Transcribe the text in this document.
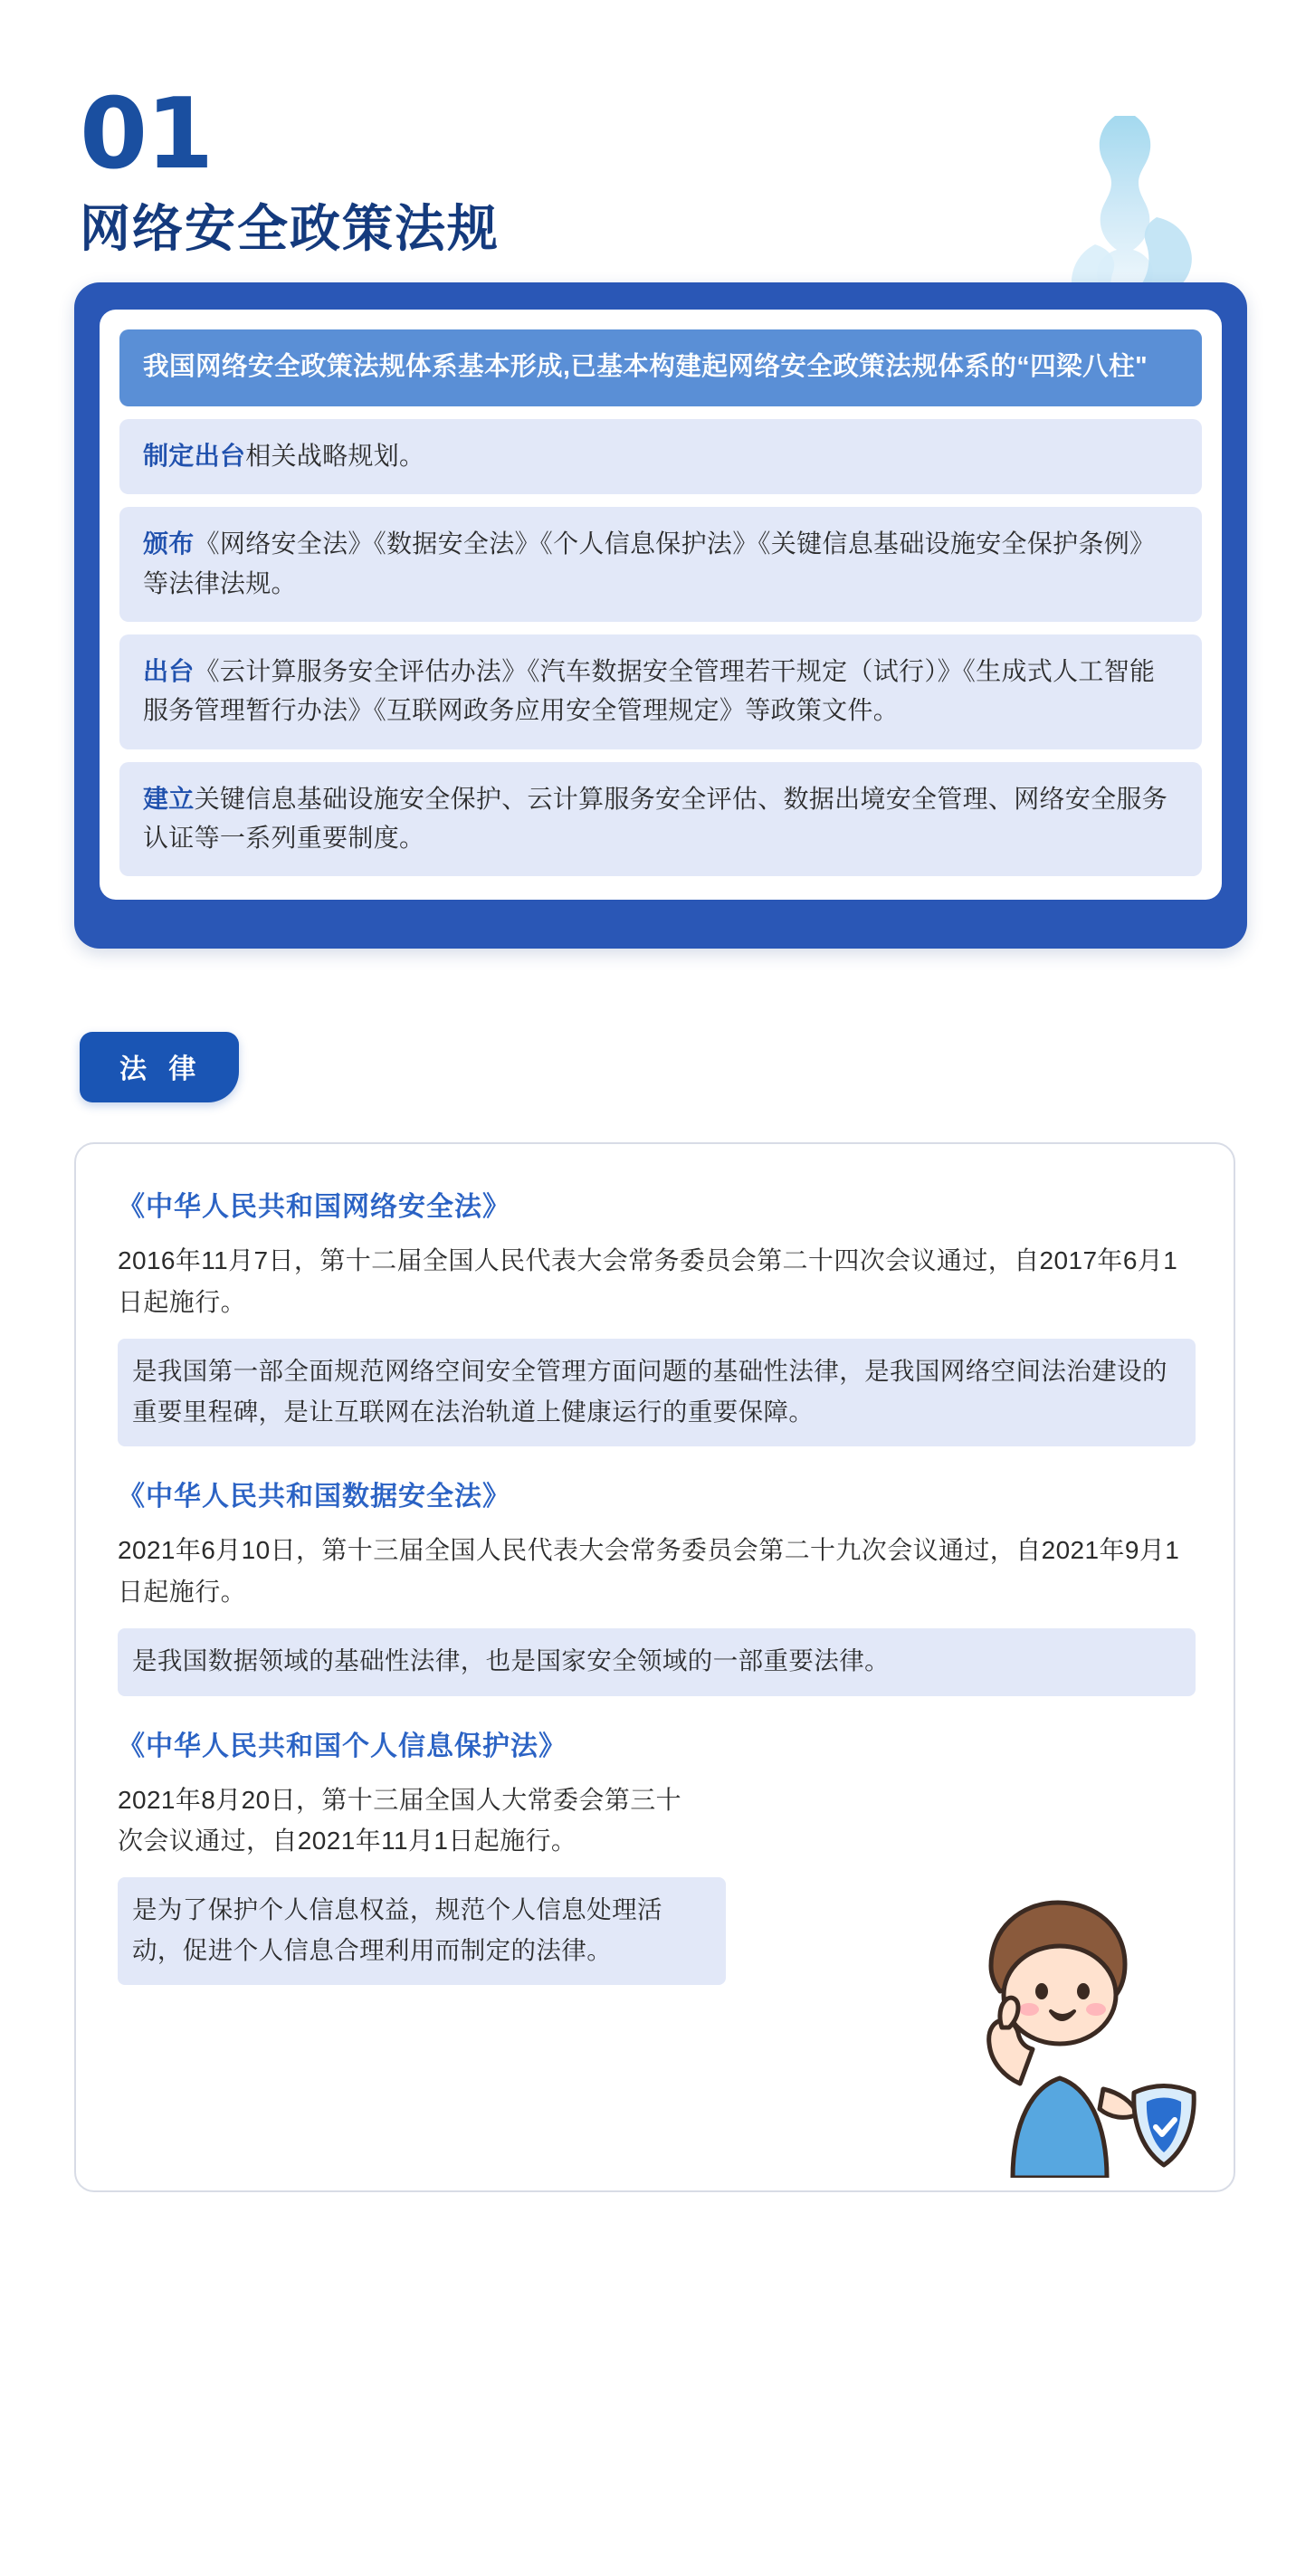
01
网络安全政策法规
我国网络安全政策法规体系基本形成,已基本构建起网络安全政策法规体系的“四梁八柱"
制定出台相关战略规划。
颁布《网络安全法》《数据安全法》《个人信息保护法》《关键信息基础设施安全保护条例》等法律法规。
出台《云计算服务安全评估办法》《汽车数据安全管理若干规定（试行）》《生成式人工智能服务管理暂行办法》《互联网政务应用安全管理规定》等政策文件。
建立关键信息基础设施安全保护、云计算服务安全评估、数据出境安全管理、网络安全服务认证等一系列重要制度。
法 律
《中华人民共和国网络安全法》
2016年11月7日，第十二届全国人民代表大会常务委员会第二十四次会议通过，自2017年6月1日起施行。
是我国第一部全面规范网络空间安全管理方面问题的基础性法律，是我国网络空间法治建设的重要里程碑，是让互联网在法治轨道上健康运行的重要保障。
《中华人民共和国数据安全法》
2021年6月10日，第十三届全国人民代表大会常务委员会第二十九次会议通过，自2021年9月1日起施行。
是我国数据领域的基础性法律，也是国家安全领域的一部重要法律。
《中华人民共和国个人信息保护法》
2021年8月20日，第十三届全国人大常委会第三十次会议通过，自2021年11月1日起施行。
是为了保护个人信息权益，规范个人信息处理活动，促进个人信息合理利用而制定的法律。
